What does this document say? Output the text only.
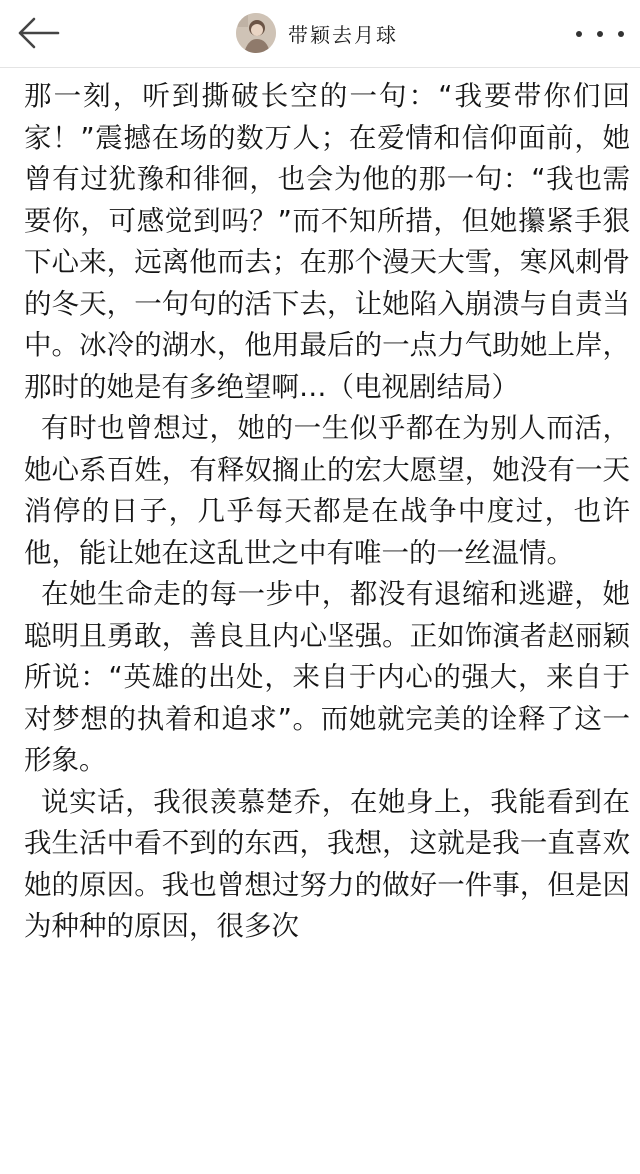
带颖去月球

那一刻，听到撕破长空的一句：“我要带你们回家！”震撼在场的数万人；在爱情和信仰面前，她曾有过犹豫和徘徊，也会为他的那一句：“我也需要你，可感觉到吗？”而不知所措，但她攥紧手狠下心来，远离他而去；在那个漫天大雪，寒风刺骨的冬天，一句句的活下去，让她陷入崩溃与自责当中。冰冷的湖水，他用最后的一点力气助她上岸，那时的她是有多绝望啊…（电视剧结局）

有时也曾想过，她的一生似乎都在为别人而活，她心系百姓，有释奴搁止的宏大愿望，她没有一天消停的日子，几乎每天都是在战争中度过，也许他，能让她在这乱世之中有唯一的一丝温情。

在她生命走的每一步中，都没有退缩和逃避，她聪明且勇敢，善良且内心坚强。正如饰演者赵丽颖所说：“英雄的出处，来自于内心的强大，来自于对梦想的执着和追求”。而她就完美的诠释了这一形象。

说实话，我很羡慕楚乔，在她身上，我能看到在我生活中看不到的东西，我想，这就是我一直喜欢她的原因。我也曾想过努力的做好一件事，但是因为种种的原因，很多次
